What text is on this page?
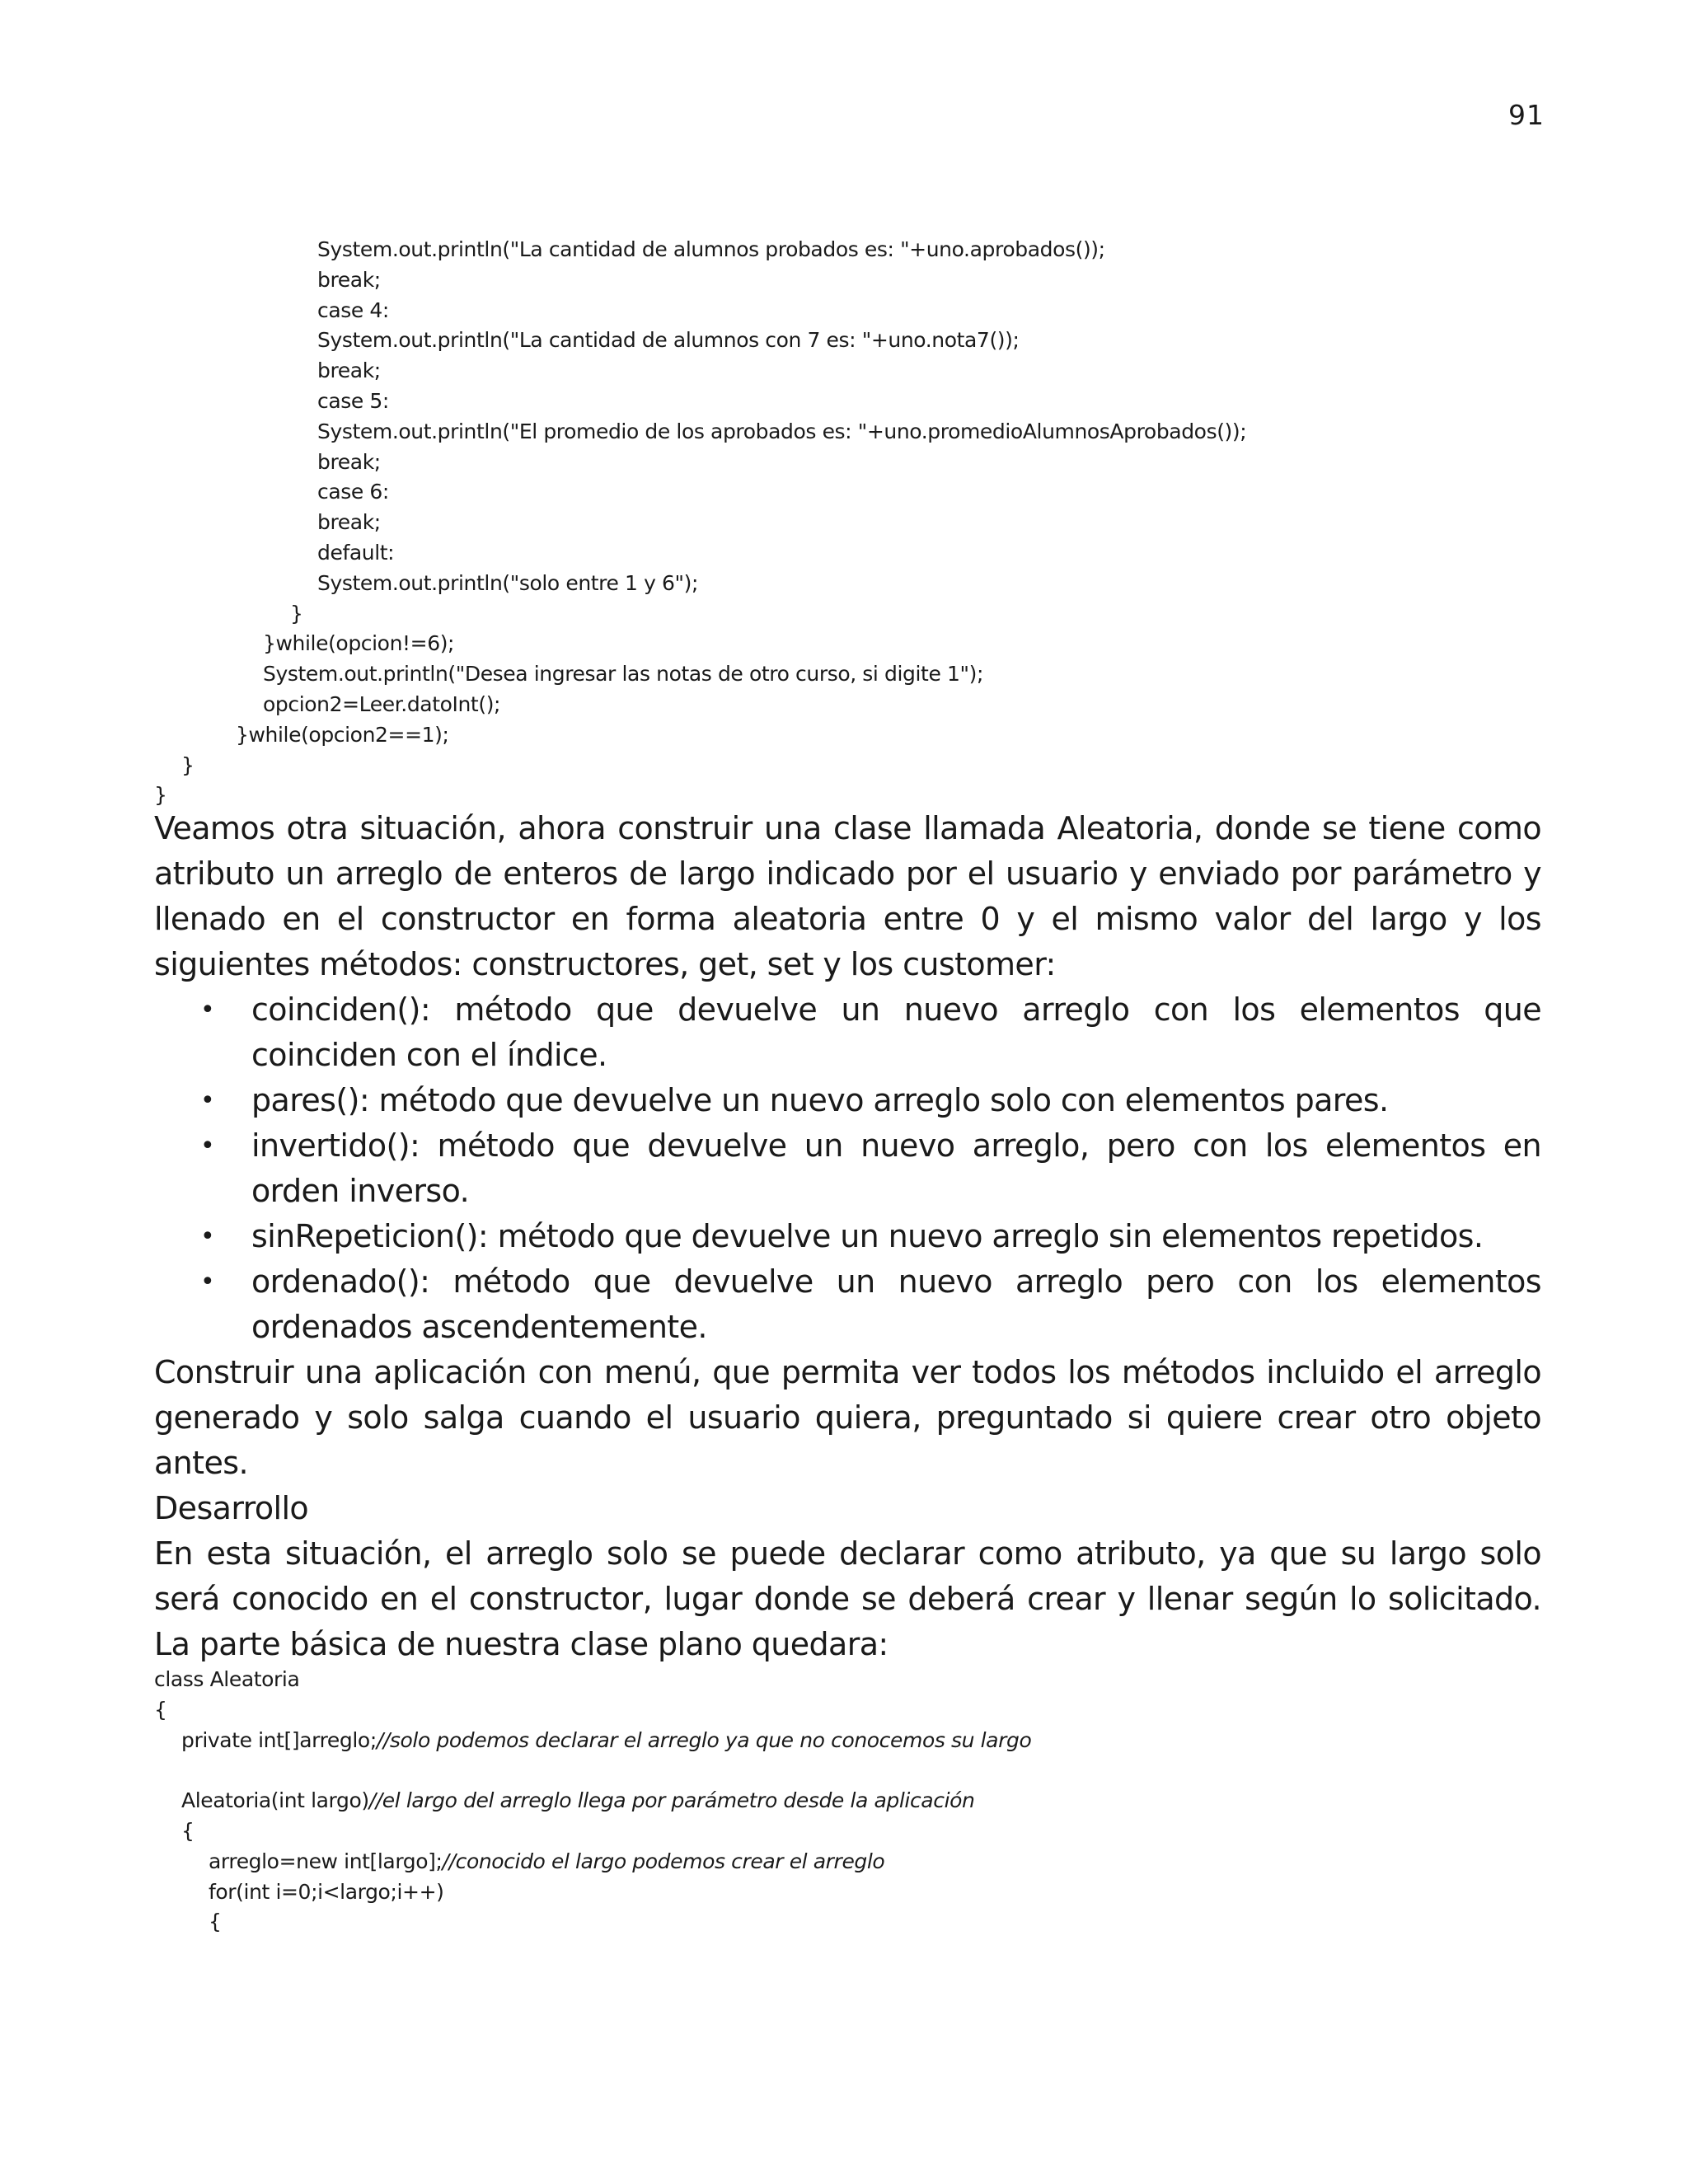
91
System.out.println("La cantidad de alumnos probados es: "+uno.aprobados());
break;
case 4:
System.out.println("La cantidad de alumnos con 7 es: "+uno.nota7());
break;
case 5:
System.out.println("El promedio de los aprobados es: "+uno.promedioAlumnosAprobados());
break;
case 6:
break;
default:
System.out.println("solo entre 1 y 6");
}
}while(opcion!=6);
System.out.println("Desea ingresar las notas de otro curso, si digite 1");
opcion2=Leer.datoInt();
}while(opcion2==1);
}
}
Veamos otra situación, ahora construir una clase llamada Aleatoria, donde se tiene como atributo un arreglo de enteros de largo indicado por el usuario y enviado por parámetro y llenado en el constructor en forma aleatoria entre 0 y el mismo valor del largo y los siguientes métodos: constructores, get, set y los customer:
• coinciden(): método que devuelve un nuevo arreglo con los elementos que coinciden con el índice.
• pares(): método que devuelve un nuevo arreglo solo con elementos pares.
• invertido(): método que devuelve un nuevo arreglo, pero con los elementos en orden inverso.
• sinRepeticion(): método que devuelve un nuevo arreglo sin elementos repetidos.
• ordenado(): método que devuelve un nuevo arreglo pero con los elementos ordenados ascendentemente.
Construir una aplicación con menú, que permita ver todos los métodos incluido el arreglo generado y solo salga cuando el usuario quiera, preguntado si quiere crear otro objeto antes.
Desarrollo
En esta situación, el arreglo solo se puede declarar como atributo, ya que su largo solo será conocido en el constructor, lugar donde se deberá crear y llenar según lo solicitado. La parte básica de nuestra clase plano quedara:
class Aleatoria
{
private int[]arreglo;//solo podemos declarar el arreglo ya que no conocemos su largo
Aleatoria(int largo)//el largo del arreglo llega por parámetro desde la aplicación
{
arreglo=new int[largo];//conocido el largo podemos crear el arreglo
for(int i=0;i<largo;i++)
{
